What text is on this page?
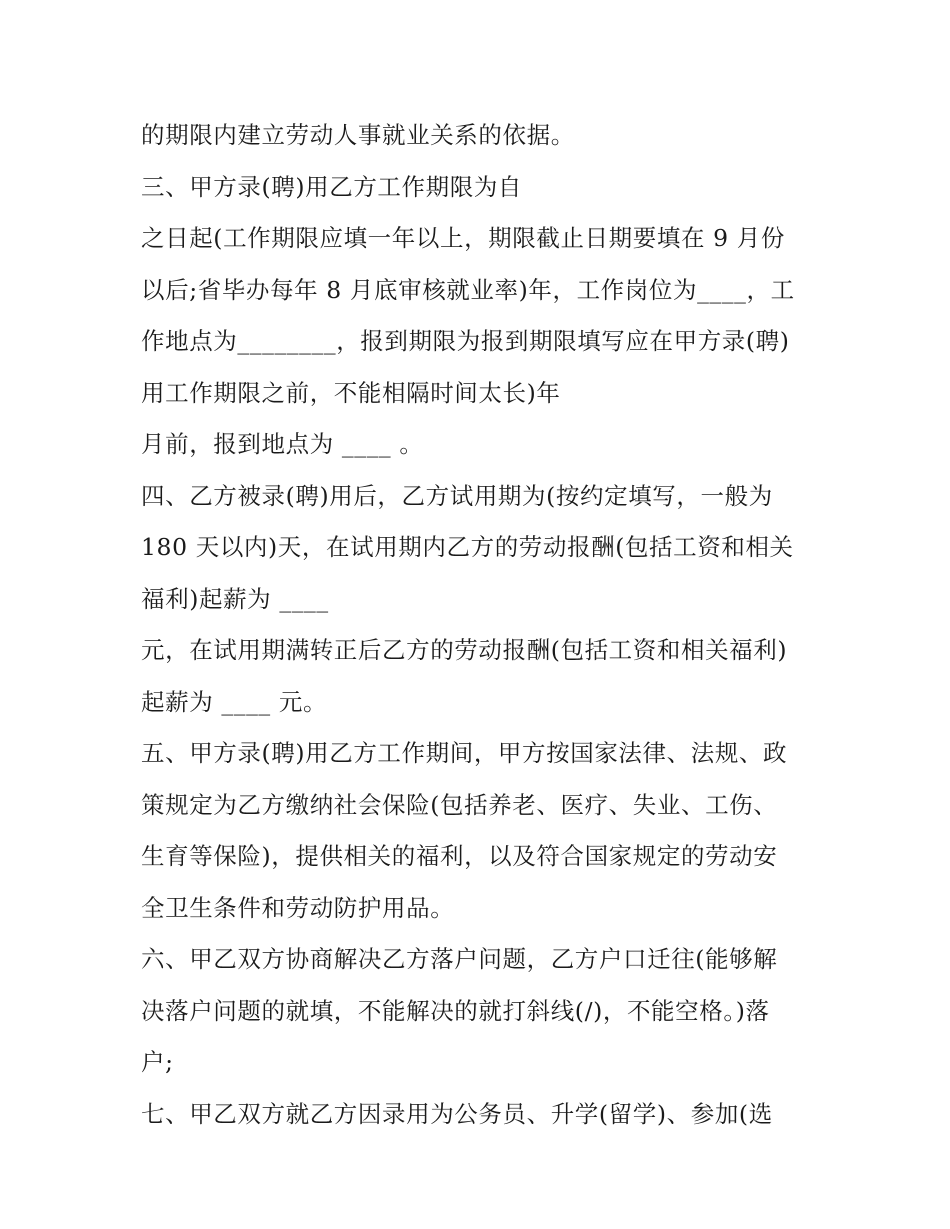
的期限内建立劳动人事就业关系的依据。
三、甲方录(聘)用乙方工作期限为自
之日起(工作期限应填一年以上，期限截止日期要填在 9 月份
以后;省毕办每年 8 月底审核就业率)年，工作岗位为____，工
作地点为________，报到期限为报到期限填写应在甲方录(聘)
用工作期限之前，不能相隔时间太长)年
月前，报到地点为 ____ 。
四、乙方被录(聘)用后，乙方试用期为(按约定填写，一般为
180 天以内)天，在试用期内乙方的劳动报酬(包括工资和相关
福利)起薪为 ____
元，在试用期满转正后乙方的劳动报酬(包括工资和相关福利)
起薪为 ____ 元。
五、甲方录(聘)用乙方工作期间，甲方按国家法律、法规、政
策规定为乙方缴纳社会保险(包括养老、医疗、失业、工伤、
生育等保险)，提供相关的福利，以及符合国家规定的劳动安
全卫生条件和劳动防护用品。
六、甲乙双方协商解决乙方落户问题，乙方户口迁往(能够解
决落户问题的就填，不能解决的就打斜线(/)，不能空格。)落
户;
七、甲乙双方就乙方因录用为公务员、升学(留学)、参加(选
